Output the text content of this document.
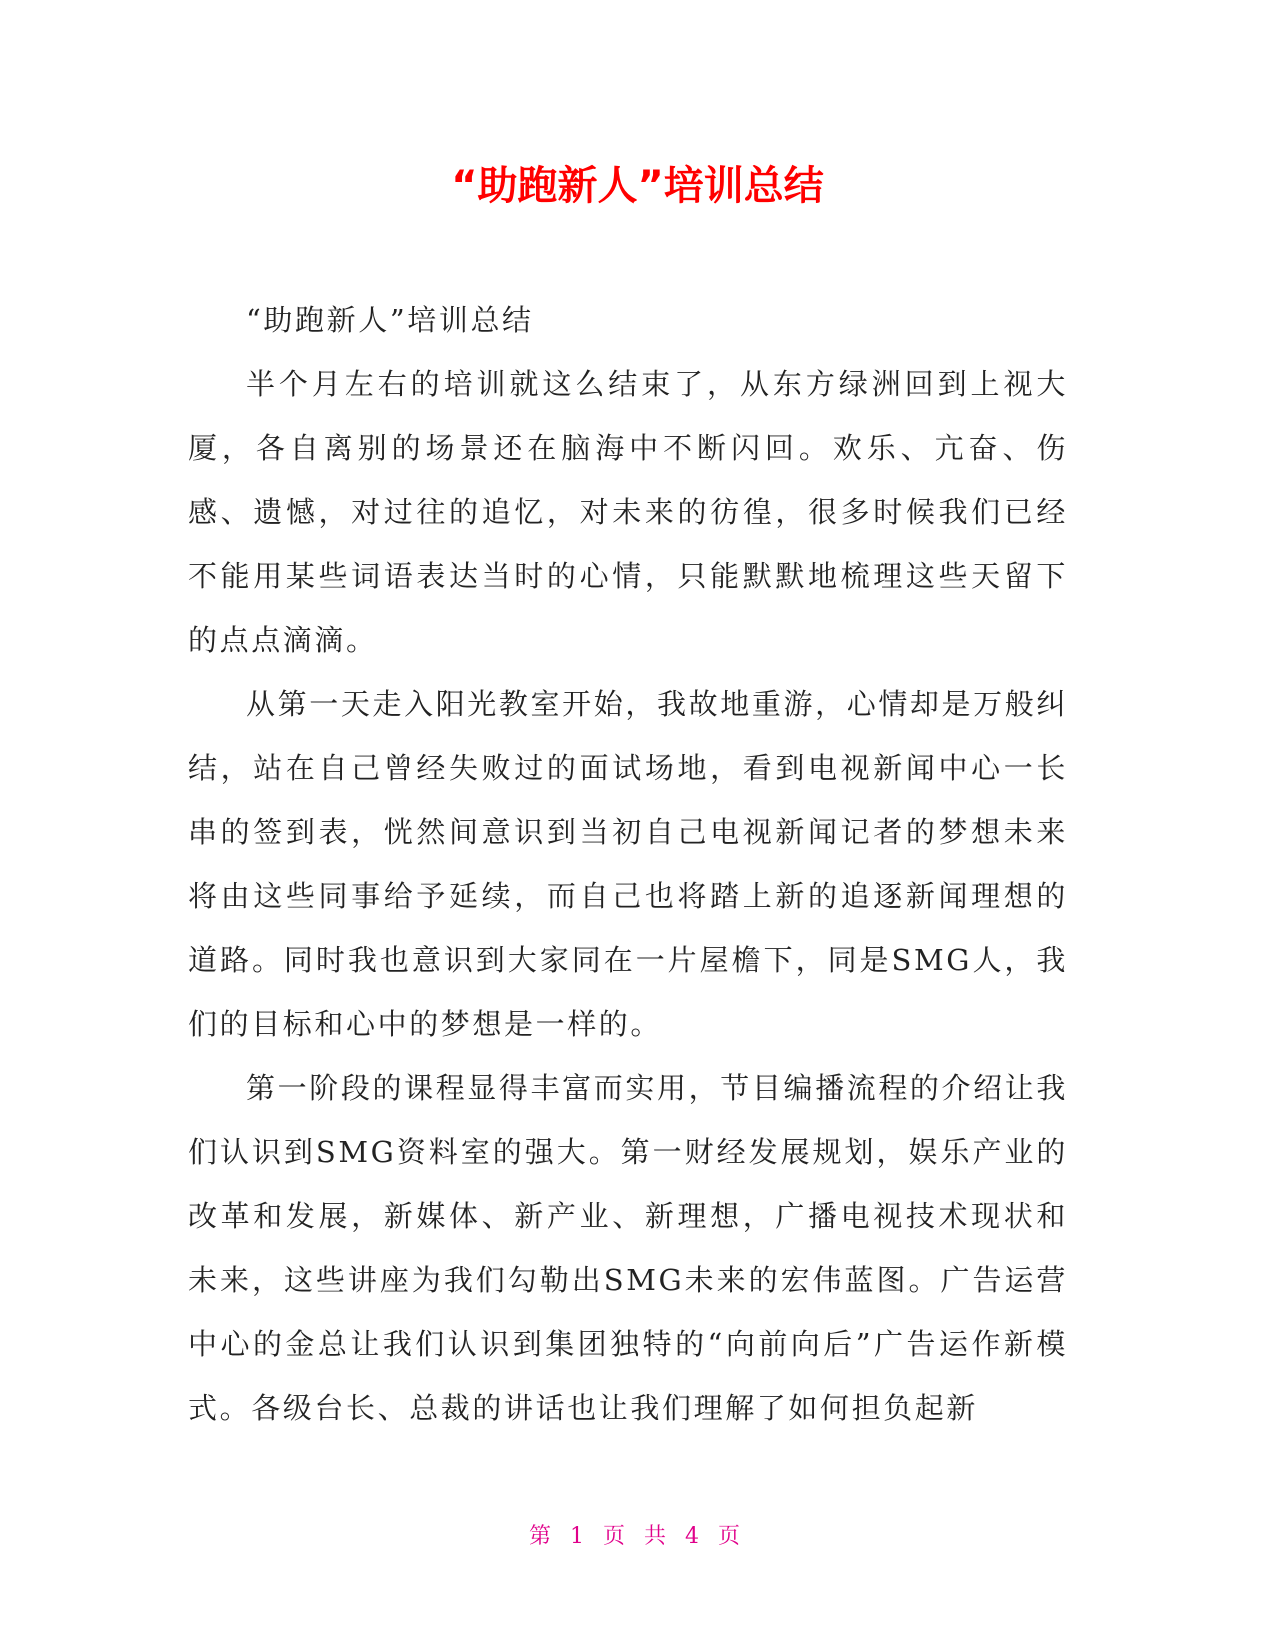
“助跑新人”培训总结

“助跑新人”培训总结

半个月左右的培训就这么结束了，从东方绿洲回到上视大厦，各自离别的场景还在脑海中不断闪回。欢乐、亢奋、伤感、遗憾，对过往的追忆，对未来的彷徨，很多时候我们已经不能用某些词语表达当时的心情，只能默默地梳理这些天留下的点点滴滴。

从第一天走入阳光教室开始，我故地重游，心情却是万般纠结，站在自己曾经失败过的面试场地，看到电视新闻中心一长串的签到表，恍然间意识到当初自己电视新闻记者的梦想未来将由这些同事给予延续，而自己也将踏上新的追逐新闻理想的道路。同时我也意识到大家同在一片屋檐下，同是SMG人，我们的目标和心中的梦想是一样的。

第一阶段的课程显得丰富而实用，节目编播流程的介绍让我们认识到SMG资料室的强大。第一财经发展规划，娱乐产业的改革和发展，新媒体、新产业、新理想，广播电视技术现状和未来，这些讲座为我们勾勒出SMG未来的宏伟蓝图。广告运营中心的金总让我们认识到集团独特的“向前向后”广告运作新模式。各级台长、总裁的讲话也让我们理解了如何担负起新

第 1 页 共 4 页
